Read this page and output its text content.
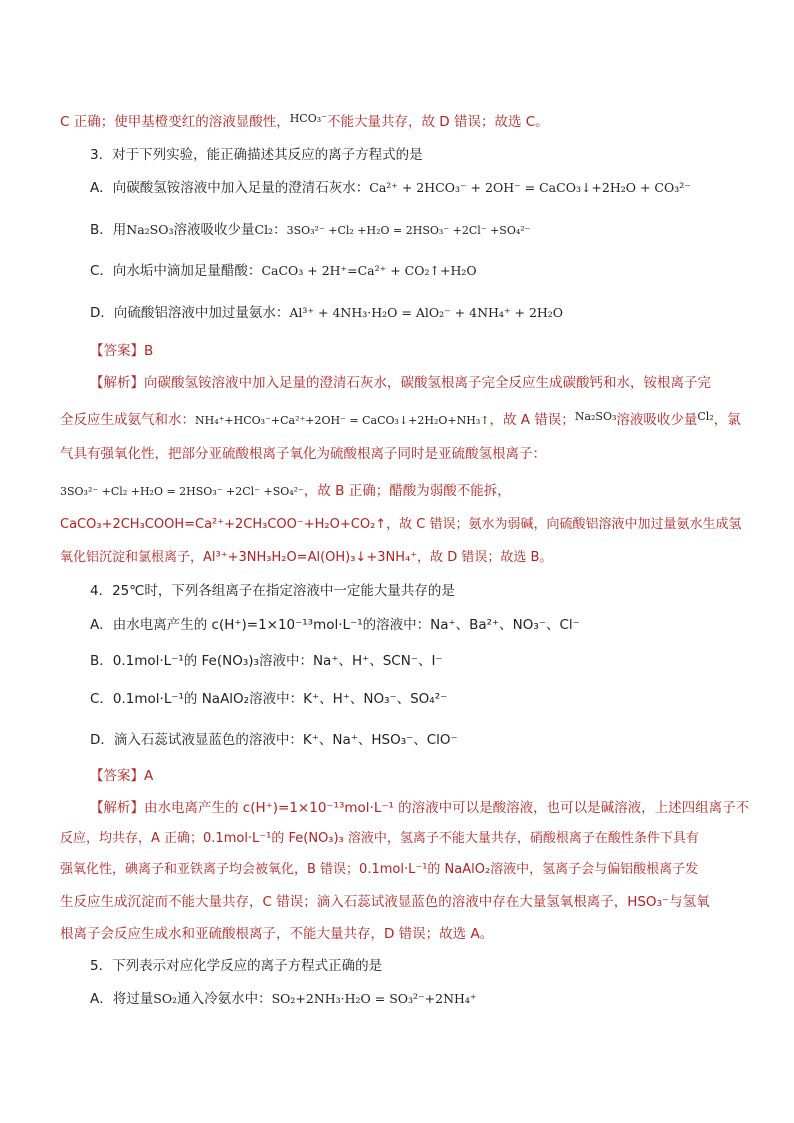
C 正确；使甲基橙变红的溶液显酸性，$^{HCO_3^-}$不能大量共存，故 D 错误；故选 C。
3．对于下列实验，能正确描述其反应的离子方程式的是
A．向碳酸氢铵溶液中加入足量的澄清石灰水：Ca²⁺ + 2HCO₃⁻ + 2OH⁻ = CaCO₃↓+2H₂O + CO₃²⁻
B．用Na₂SO₃溶液吸收少量Cl₂：3SO₃²⁻ +Cl₂ +H₂O = 2HSO₃⁻ +2Cl⁻ +SO₄²⁻
C．向水垢中滴加足量醋酸：CaCO₃ + 2H⁺=Ca²⁺ + CO₂↑+H₂O
D．向硫酸铝溶液中加过量氨水：Al³⁺ + 4NH₃·H₂O = AlO₂⁻ + 4NH₄⁺ + 2H₂O
【答案】B
【解析】向碳酸氢铵溶液中加入足量的澄清石灰水，碳酸氢根离子完全反应生成碳酸钙和水，铵根离子完
全反应生成氨气和水：NH₄⁺+HCO₃⁻+Ca²⁺+2OH⁻ = CaCO₃↓+2H₂O+NH₃↑，故 A 错误；$^{Na_2SO_3}$溶液吸收少量$^{Cl_2}$，氯
气具有强氧化性，把部分亚硫酸根离子氧化为硫酸根离子同时是亚硫酸氢根离子：
3SO₃²⁻ +Cl₂ +H₂O = 2HSO₃⁻ +2Cl⁻ +SO₄²⁻，故 B 正确；醋酸为弱酸不能拆，
CaCO₃+2CH₃COOH=Ca²⁺+2CH₃COO⁻+H₂O+CO₂↑，故 C 错误；氨水为弱碱，向硫酸铝溶液中加过量氨水生成氢
氧化铝沉淀和氯根离子，Al³⁺+3NH₃H₂O=Al(OH)₃↓+3NH₄⁺，故 D 错误；故选 B。
4．25℃时，下列各组离子在指定溶液中一定能大量共存的是
A．由水电离产生的 c(H⁺)=1×10⁻¹³mol·L⁻¹的溶液中：Na⁺、Ba²⁺、NO₃⁻、Cl⁻
B．0.1mol·L⁻¹的 Fe(NO₃)₃溶液中：Na⁺、H⁺、SCN⁻、I⁻
C．0.1mol·L⁻¹的 NaAlO₂溶液中：K⁺、H⁺、NO₃⁻、SO₄²⁻
D．滴入石蕊试液显蓝色的溶液中：K⁺、Na⁺、HSO₃⁻、ClO⁻
【答案】A
【解析】由水电离产生的 c(H⁺)=1×10⁻¹³mol·L⁻¹ 的溶液中可以是酸溶液，也可以是碱溶液，上述四组离子不
反应，均共存，A 正确；0.1mol·L⁻¹的 Fe(NO₃)₃ 溶液中，氢离子不能大量共存，硝酸根离子在酸性条件下具有
强氧化性，碘离子和亚铁离子均会被氧化，B 错误；0.1mol·L⁻¹的 NaAlO₂溶液中，氢离子会与偏铝酸根离子发
生反应生成沉淀而不能大量共存，C 错误；滴入石蕊试液显蓝色的溶液中存在大量氢氧根离子，HSO₃⁻与氢氧
根离子会反应生成水和亚硫酸根离子，不能大量共存，D 错误；故选 A。
5．下列表示对应化学反应的离子方程式正确的是
A．将过量SO₂通入冷氨水中：SO₂+2NH₃·H₂O = SO₃²⁻+2NH₄⁺
